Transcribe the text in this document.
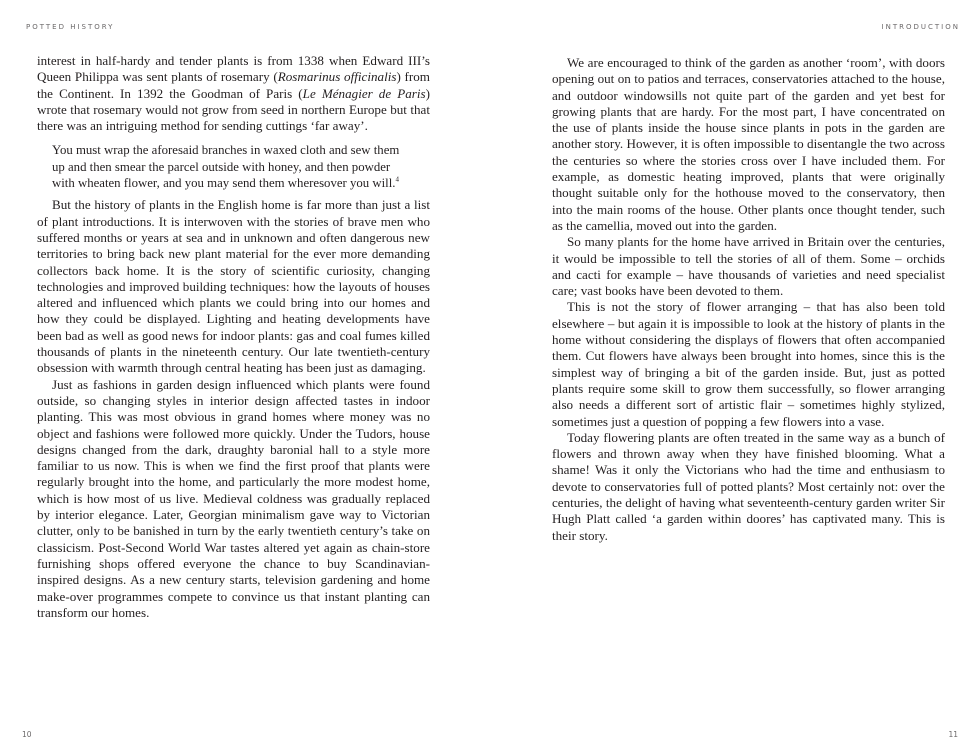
POTTED HISTORY	INTRODUCTION

interest in half-hardy and tender plants is from 1338 when Edward III’s Queen Philippa was sent plants of rosemary (Rosmarinus officinalis) from the Continent. In 1392 the Goodman of Paris (Le Ménagier de Paris) wrote that rosemary would not grow from seed in northern Europe but that there was an intriguing method for sending cuttings ‘far away’.

You must wrap the aforesaid branches in waxed cloth and sew them up and then smear the parcel outside with honey, and then powder with wheaten flower, and you may send them wheresover you will.$^4$

But the history of plants in the English home is far more than just a list of plant introductions. It is interwoven with the stories of brave men who suffered months or years at sea and in unknown and often dangerous new territories to bring back new plant material for the ever more demanding collectors back home. It is the story of scientific curiosity, changing technologies and improved building techniques: how the layouts of houses altered and influenced which plants we could bring into our homes and how they could be displayed. Lighting and heating developments have been bad as well as good news for indoor plants: gas and coal fumes killed thousands of plants in the nineteenth century. Our late twentieth-century obsession with warmth through central heating has been just as damaging.

Just as fashions in garden design influenced which plants were found outside, so changing styles in interior design affected tastes in indoor planting. This was most obvious in grand homes where money was no object and fashions were followed more quickly. Under the Tudors, house designs changed from the dark, draughty baronial hall to a style more familiar to us now. This is when we find the first proof that plants were regularly brought into the home, and particularly the more modest home, which is how most of us live. Medieval coldness was gradually replaced by interior elegance. Later, Georgian minimalism gave way to Victorian clutter, only to be banished in turn by the early twentieth century’s take on classicism. Post-Second World War tastes altered yet again as chain-store furnishing shops offered everyone the chance to buy Scandinavian-inspired designs. As a new century starts, television gardening and home make-over programmes compete to convince us that instant planting can transform our homes.

We are encouraged to think of the garden as another ‘room’, with doors opening out on to patios and terraces, conservatories attached to the house, and outdoor windowsills not quite part of the garden and yet best for growing plants that are hardy. For the most part, I have concentrated on the use of plants inside the house since plants in pots in the garden are another story. However, it is often impossible to disentangle the two across the centuries so where the stories cross over I have included them. For example, as domestic heating improved, plants that were originally thought suitable only for the hothouse moved to the conservatory, then into the main rooms of the house. Other plants once thought tender, such as the camellia, moved out into the garden.

So many plants for the home have arrived in Britain over the centuries, it would be impossible to tell the stories of all of them. Some – orchids and cacti for example – have thousands of varieties and need specialist care; vast books have been devoted to them.

This is not the story of flower arranging – that has also been told elsewhere – but again it is impossible to look at the history of plants in the home without considering the displays of flowers that often accompanied them. Cut flowers have always been brought into homes, since this is the simplest way of bringing a bit of the garden inside. But, just as potted plants require some skill to grow them successfully, so flower arranging also needs a different sort of artistic flair – sometimes highly stylized, sometimes just a question of popping a few flowers into a vase.

Today flowering plants are often treated in the same way as a bunch of flowers and thrown away when they have finished blooming. What a shame! Was it only the Victorians who had the time and enthusiasm to devote to conservatories full of potted plants? Most certainly not: over the centuries, the delight of having what seventeenth-century garden writer Sir Hugh Platt called ‘a garden within doores’ has captivated many. This is their story.

10	11
